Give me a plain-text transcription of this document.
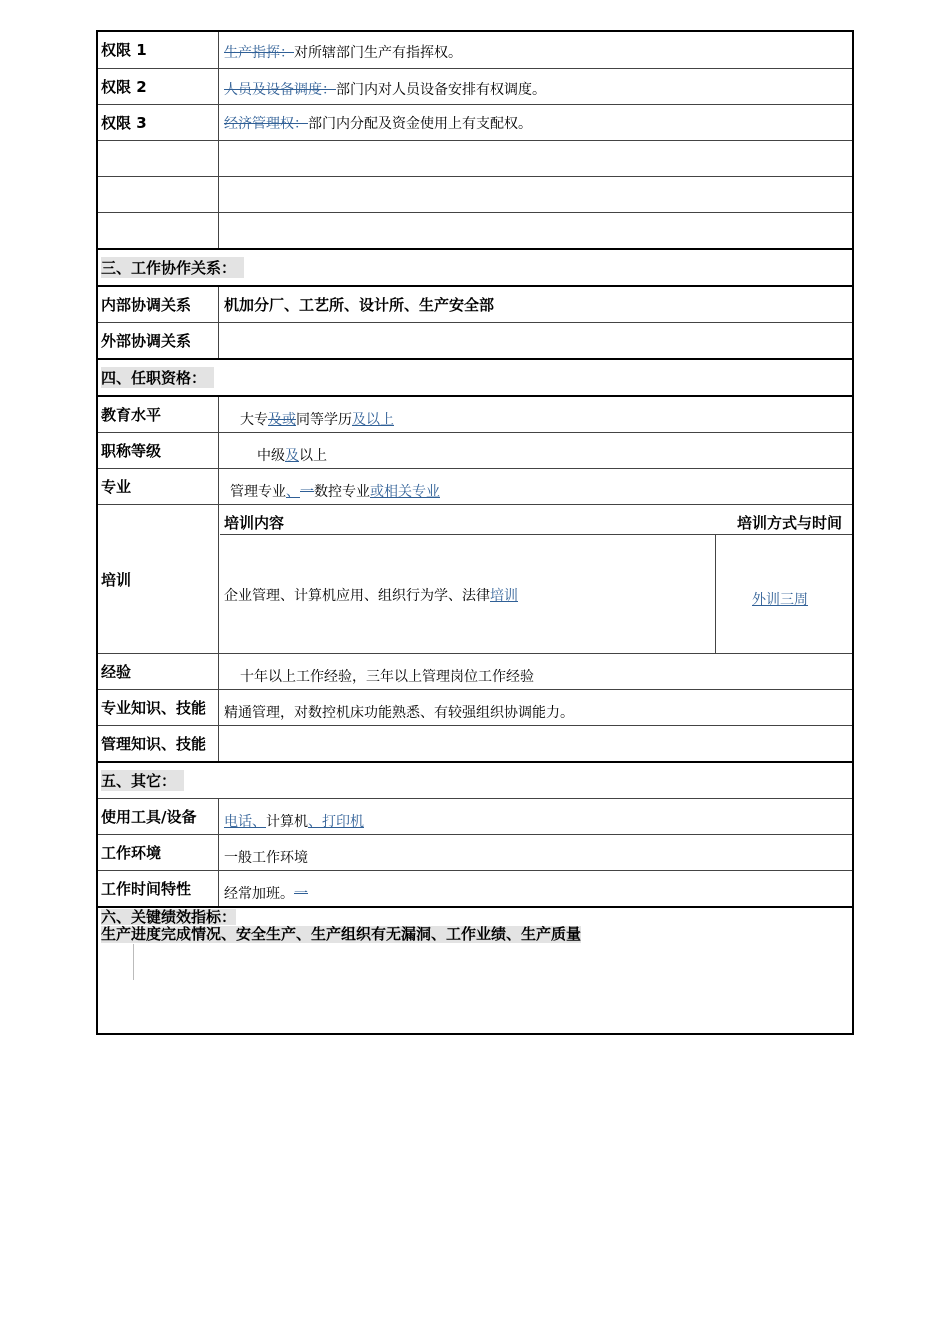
权限 1	生产指挥：对所辖部门生产有指挥权。
权限 2	人员及设备调度：部门内对人员设备安排有权调度。
权限 3	经济管理权：部门内分配及资金使用上有支配权。
三、工作协作关系：
内部协调关系	机加分厂、工艺所、设计所、生产安全部
外部协调关系
四、任职资格：
教育水平	大专及或同等学历及以上
职称等级	中级及以上
专业	管理专业、一数控专业或相关专业
培训
培训内容	培训方式与时间
企业管理、计算机应用、组织行为学、法律培训	外训三周
经验	十年以上工作经验，三年以上管理岗位工作经验
专业知识、技能	精通管理，对数控机床功能熟悉、有较强组织协调能力。
管理知识、技能
五、其它：
使用工具/设备	电话、计算机、打印机
工作环境	一般工作环境
工作时间特性	经常加班。一
六、关键绩效指标：
生产进度完成情况、安全生产、生产组织有无漏洞、工作业绩、生产质量
